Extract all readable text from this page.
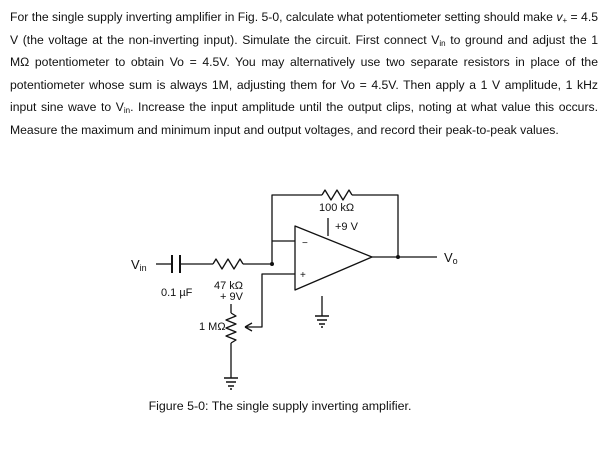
For the single supply inverting amplifier in Fig. 5-0, calculate what potentiometer setting should make $v_+ = 4.5$ V (the voltage at the non-inverting input). Simulate the circuit. First connect $V_{in}$ to ground and adjust the 1 MΩ potentiometer to obtain Vo = 4.5V. You may alternatively use two separate resistors in place of the potentiometer whose sum is always 1M, adjusting them for Vo = 4.5V. Then apply a 1 V amplitude, 1 kHz input sine wave to $V_{in}$. Increase the input amplitude until the output clips, noting at what value this occurs. Measure the maximum and minimum input and output voltages, and record their peak-to-peak values.

Vin
0.1 µF
47 kΩ
100 kΩ
+9 V
−
+
Vo
+ 9V
1 MΩ
Figure 5-0: The single supply inverting amplifier.
